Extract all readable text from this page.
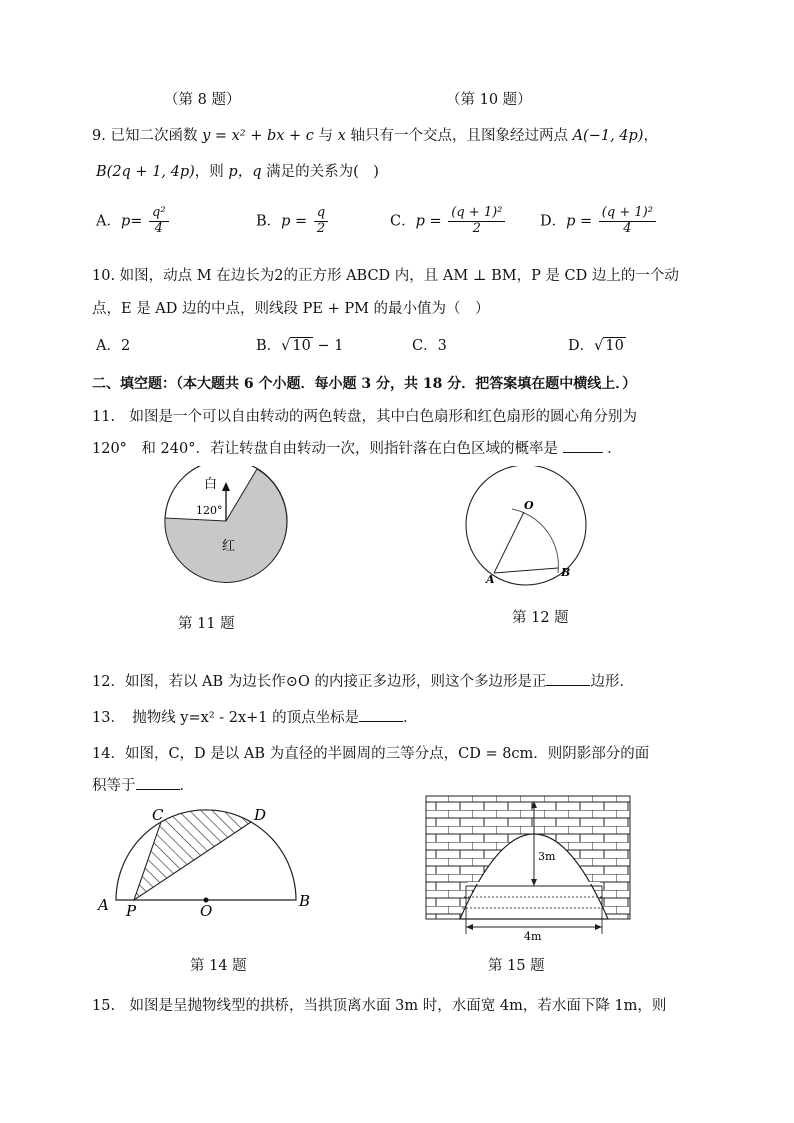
（第 8 题）	（第 10 题）
9. 已知二次函数 y = x² + bx + c 与 x 轴只有一个交点，且图象经过两点 A(−1, 4p)，
B(2q + 1, 4p)，则 p，q 满足的关系为(　)
A．$p= \frac{\text{q²}}{4}$	B．$p = \frac{q}{2}$	C．$p = \frac{\text{(q + 1)²}}{2}$ D．$p = \frac{\text{(q + 1)²}}{4}$
10. 如图，动点 M 在边长为2的正方形 ABCD 内，且 AM ⊥ BM，P 是 CD 边上的一个动
点，E 是 AD 边的中点，则线段 PE + PM 的最小值为（　）
A．2	B．√ 10 − 1	C．3	D．√ 10
二、填空题：（本大题共 6 个小题．每小题 3 分，共 18 分．把答案填在题中横线上．）
11.　如图是一个可以自由转动的两色转盘，其中白色扇形和红色扇形的圆心角分别为
120°　和 240°．若让转盘自由转动一次，则指针落在白色区域的概率是	．
白
120°
红
第 11 题
O
A
B
第 12 题
12．如图，若以 AB 为边长作⊙O 的内接正多边形，则这个多边形是正	边形．
13．　抛物线 y=x² - 2x+1 的顶点坐标是	．
14．如图，C，D 是以 AB 为直径的半圆周的三等分点，CD = 8cm．则阴影部分的面
积等于	．
C	D
A P	O
B
第 14 题
3m
4m
第 15 题
15.　如图是呈抛物线型的拱桥，当拱顶离水面 3m 时，水面宽 4m，若水面下降 1m，则
